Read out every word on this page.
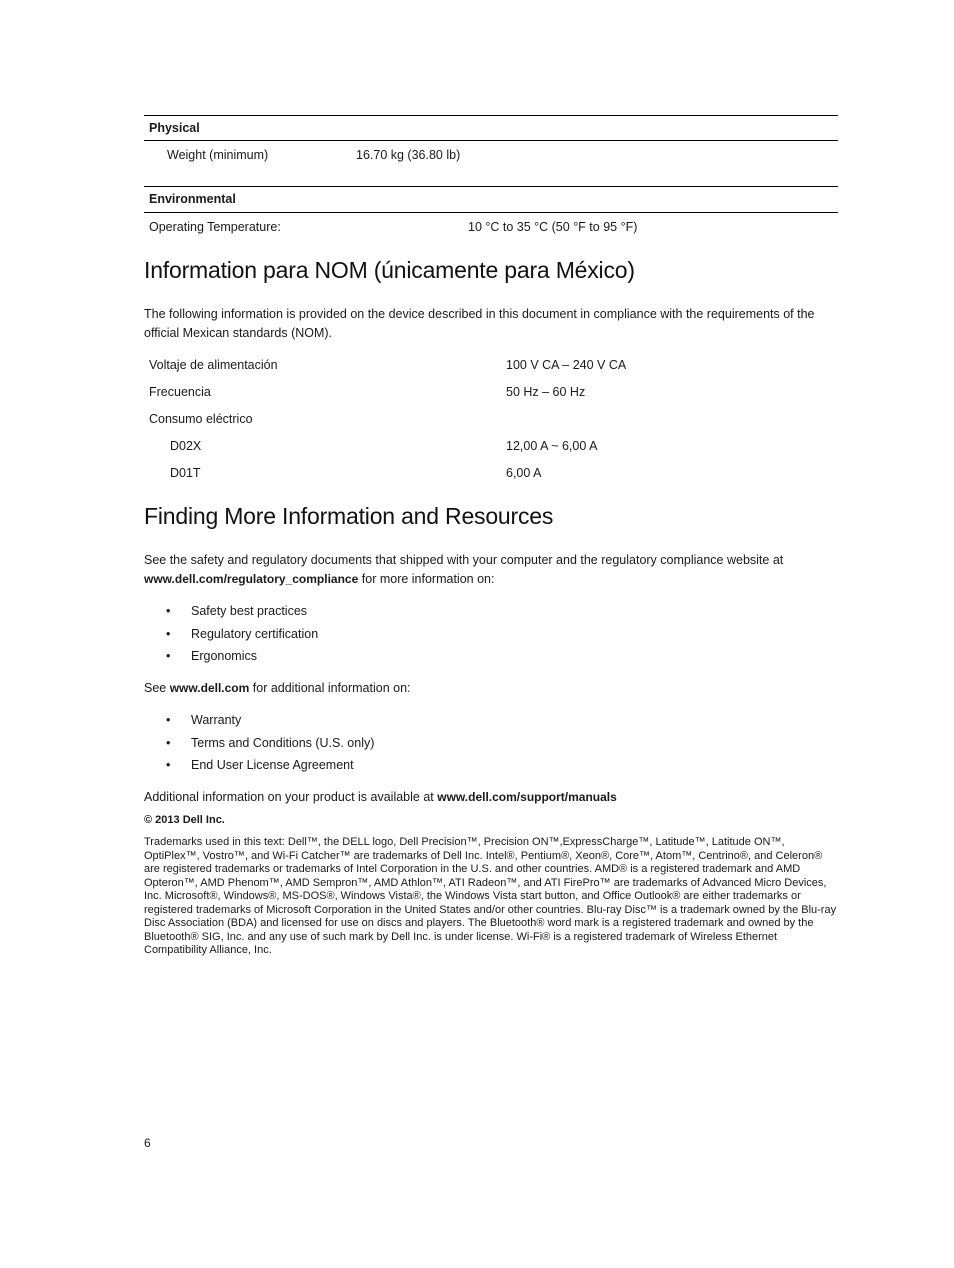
Physical
Weight (minimum)	16.70 kg (36.80 lb)
Environmental
Operating Temperature:	10 °C to 35 °C (50 °F to 95 °F)
Information para NOM (únicamente para México)

The following information is provided on the device described in this document in compliance with the requirements of the official Mexican standards (NOM).

Voltaje de alimentación	100 V CA – 240 V CA
Frecuencia	50 Hz – 60 Hz
Consumo eléctrico
D02X	12,00 A ~ 6,00 A
D01T	6,00 A
Finding More Information and Resources

See the safety and regulatory documents that shipped with your computer and the regulatory compliance website at
www.dell.com/regulatory_compliance for more information on:

• Safety best practices
• Regulatory certification
• Ergonomics

See www.dell.com for additional information on:

• Warranty
• Terms and Conditions (U.S. only)
• End User License Agreement

Additional information on your product is available at www.dell.com/support/manuals

© 2013 Dell Inc.

Trademarks used in this text: Dell™, the DELL logo, Dell Precision™, Precision ON™,ExpressCharge™, Latitude™, Latitude ON™, OptiPlex™, Vostro™, and Wi-Fi Catcher™ are trademarks of Dell Inc. Intel®, Pentium®, Xeon®, Core™, Atom™, Centrino®, and Celeron® are registered trademarks or trademarks of Intel Corporation in the U.S. and other countries. AMD® is a registered trademark and AMD Opteron™, AMD Phenom™, AMD Sempron™, AMD Athlon™, ATI Radeon™, and ATI FirePro™ are trademarks of Advanced Micro Devices, Inc. Microsoft®, Windows®, MS-DOS®, Windows Vista®, the Windows Vista start button, and Office Outlook® are either trademarks or registered trademarks of Microsoft Corporation in the United States and/or other countries. Blu-ray Disc™ is a trademark owned by the Blu-ray Disc Association (BDA) and licensed for use on discs and players. The Bluetooth® word mark is a registered trademark and owned by the Bluetooth® SIG, Inc. and any use of such mark by Dell Inc. is under license. Wi-Fi® is a registered trademark of Wireless Ethernet Compatibility Alliance, Inc.

6
